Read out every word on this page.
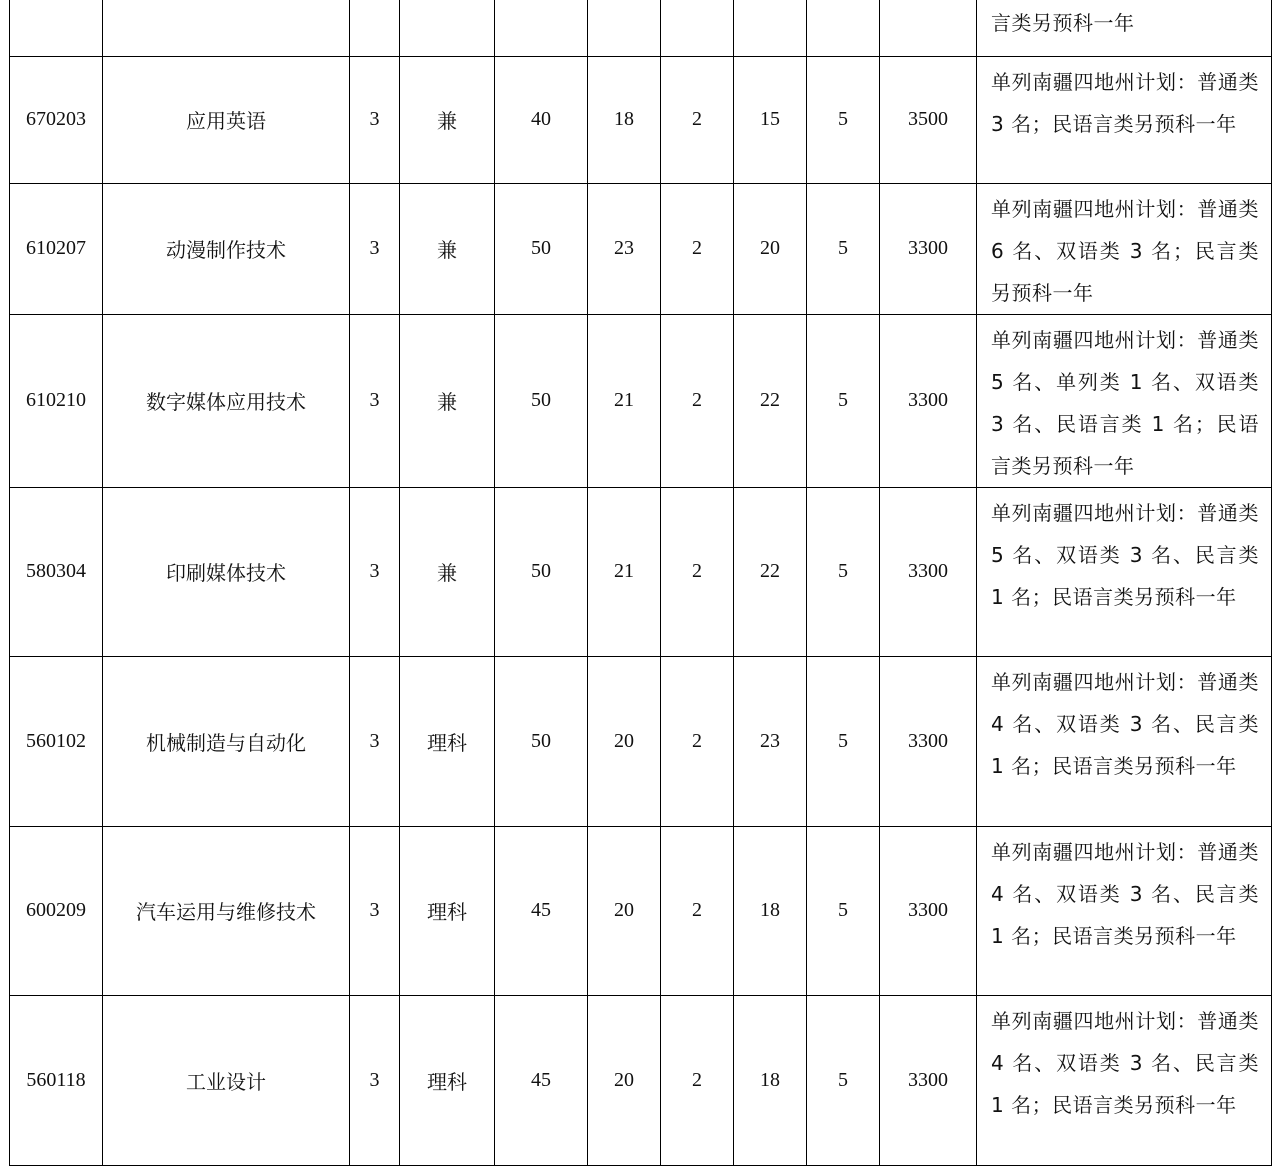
										言类另预科一年
670203	应用英语	3	兼	40	18	2	15	5	3500	单列南疆四地州计划：普通类 3 名；民语言类另预科一年
610207	动漫制作技术	3	兼	50	23	2	20	5	3300	单列南疆四地州计划：普通类 6 名、双语类 3 名；民言类另预科一年
610210	数字媒体应用技术	3	兼	50	21	2	22	5	3300	单列南疆四地州计划：普通类 5 名、单列类 1 名、双语类 3 名、民语言类 1 名；民语言类另预科一年
580304	印刷媒体技术	3	兼	50	21	2	22	5	3300	单列南疆四地州计划：普通类 5 名、双语类 3 名、民言类 1 名；民语言类另预科一年
560102	机械制造与自动化	3	理科	50	20	2	23	5	3300	单列南疆四地州计划：普通类 4 名、双语类 3 名、民言类 1 名；民语言类另预科一年
600209	汽车运用与维修技术	3	理科	45	20	2	18	5	3300	单列南疆四地州计划：普通类 4 名、双语类 3 名、民言类 1 名；民语言类另预科一年
560118	工业设计	3	理科	45	20	2	18	5	3300	单列南疆四地州计划：普通类 4 名、双语类 3 名、民言类 1 名；民语言类另预科一年
